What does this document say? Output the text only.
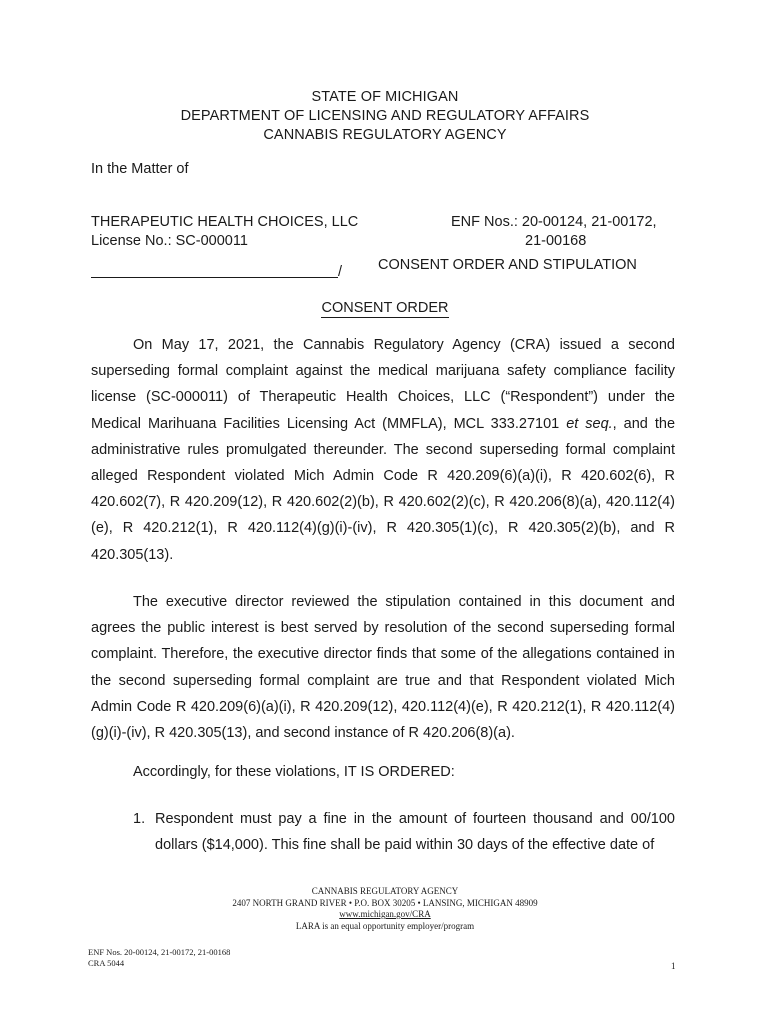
STATE OF MICHIGAN
DEPARTMENT OF LICENSING AND REGULATORY AFFAIRS
CANNABIS REGULATORY AGENCY
In the Matter of
THERAPEUTIC HEALTH CHOICES, LLC
License No.: SC-000011
ENF Nos.: 20-00124, 21-00172,
21-00168
/ CONSENT ORDER AND STIPULATION
CONSENT ORDER

On May 17, 2021, the Cannabis Regulatory Agency (CRA) issued a second superseding formal complaint against the medical marijuana safety compliance facility license (SC-000011) of Therapeutic Health Choices, LLC (“Respondent”) under the Medical Marihuana Facilities Licensing Act (MMFLA), MCL 333.27101 et seq., and the administrative rules promulgated thereunder. The second superseding formal complaint alleged Respondent violated Mich Admin Code R 420.209(6)(a)(i), R 420.602(6), R 420.602(7), R 420.209(12), R 420.602(2)(b), R 420.602(2)(c), R 420.206(8)(a), 420.112(4)(e), R 420.212(1), R 420.112(4)(g)(i)-(iv), R 420.305(1)(c), R 420.305(2)(b), and R 420.305(13).

The executive director reviewed the stipulation contained in this document and agrees the public interest is best served by resolution of the second superseding formal complaint. Therefore, the executive director finds that some of the allegations contained in the second superseding formal complaint are true and that Respondent violated Mich Admin Code R 420.209(6)(a)(i), R 420.209(12), 420.112(4)(e), R 420.212(1), R 420.112(4)(g)(i)-(iv), R 420.305(13), and second instance of R 420.206(8)(a).

Accordingly, for these violations, IT IS ORDERED:
1. Respondent must pay a fine in the amount of fourteen thousand and 00/100 dollars ($14,000). This fine shall be paid within 30 days of the effective date of
CANNABIS REGULATORY AGENCY
2407 NORTH GRAND RIVER • P.O. BOX 30205 • LANSING, MICHIGAN 48909
www.michigan.gov/CRA
LARA is an equal opportunity employer/program
ENF Nos. 20-00124, 21-00172, 21-00168
CRA 5044	1
